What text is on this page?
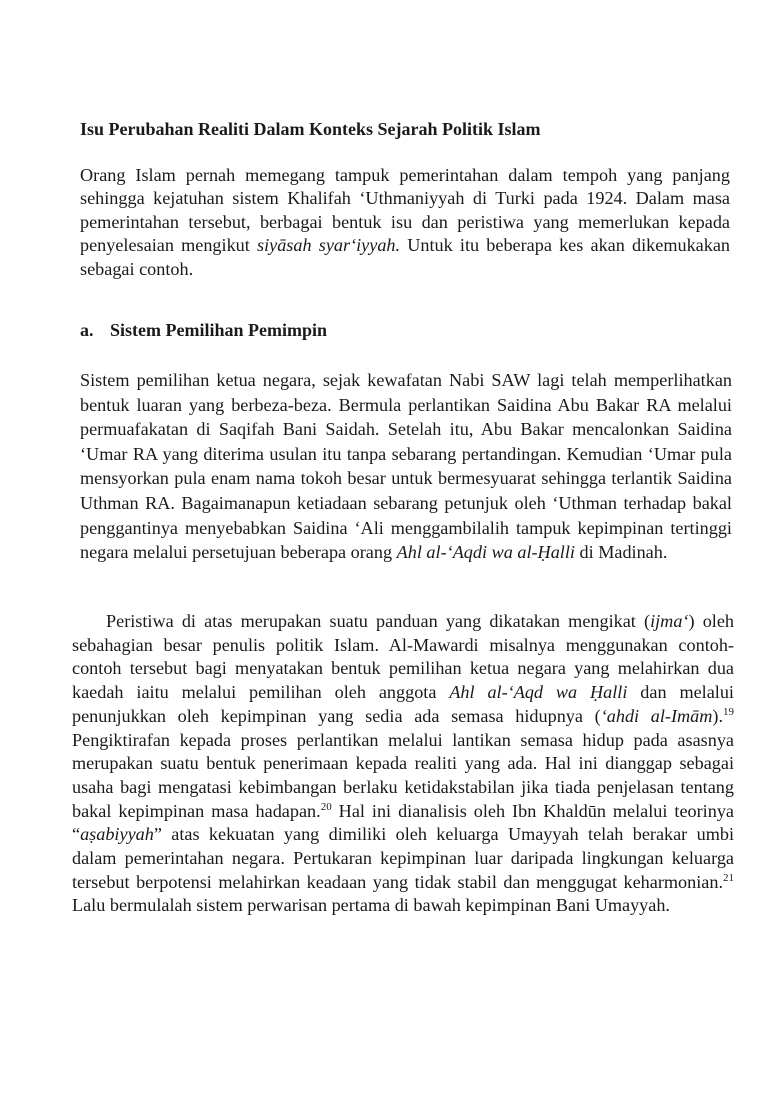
Isu Perubahan Realiti Dalam Konteks Sejarah Politik Islam

Orang Islam pernah memegang tampuk pemerintahan dalam tempoh yang panjang sehingga kejatuhan sistem Khalifah ‘Uthmaniyyah di Turki pada 1924. Dalam masa pemerintahan tersebut, berbagai bentuk isu dan peristiwa yang memerlukan kepada penyelesaian mengikut siyāsah syar‘iyyah. Untuk itu beberapa kes akan dikemukakan sebagai contoh.

a. Sistem Pemilihan Pemimpin

Sistem pemilihan ketua negara, sejak kewafatan Nabi SAW lagi telah memperlihatkan bentuk luaran yang berbeza-beza. Bermula perlantikan Saidina Abu Bakar RA melalui permuafakatan di Saqifah Bani Saidah. Setelah itu, Abu Bakar mencalonkan Saidina ‘Umar RA yang diterima usulan itu tanpa sebarang pertandingan. Kemudian ‘Umar pula mensyorkan pula enam nama tokoh besar untuk bermesyuarat sehingga terlantik Saidina Uthman RA. Bagaimanapun ketiadaan sebarang petunjuk oleh ‘Uthman terhadap bakal penggantinya menyebabkan Saidina ‘Ali menggambilalih tampuk kepimpinan tertinggi negara melalui persetujuan beberapa orang Ahl al-‘Aqdi wa al-Ḥalli di Madinah.

Peristiwa di atas merupakan suatu panduan yang dikatakan mengikat (ijma‘) oleh sebahagian besar penulis politik Islam. Al-Mawardi misalnya menggunakan contoh-contoh tersebut bagi menyatakan bentuk pemilihan ketua negara yang melahirkan dua kaedah iaitu melalui pemilihan oleh anggota Ahl al-‘Aqd wa Ḥalli dan melalui penunjukkan oleh kepimpinan yang sedia ada semasa hidupnya (‘ahdi al-Imām).$^{19}$ Pengiktirafan kepada proses perlantikan melalui lantikan semasa hidup pada asasnya merupakan suatu bentuk penerimaan kepada realiti yang ada. Hal ini dianggap sebagai usaha bagi mengatasi kebimbangan berlaku ketidakstabilan jika tiada penjelasan tentang bakal kepimpinan masa hadapan.$^{20}$ Hal ini dianalisis oleh Ibn Khaldūn melalui teorinya “aṣabiyyah” atas kekuatan yang dimiliki oleh keluarga Umayyah telah berakar umbi dalam pemerintahan negara. Pertukaran kepimpinan luar daripada lingkungan keluarga tersebut berpotensi melahirkan keadaan yang tidak stabil dan menggugat keharmonian.$^{21}$ Lalu bermulalah sistem perwarisan pertama di bawah kepimpinan Bani Umayyah.
